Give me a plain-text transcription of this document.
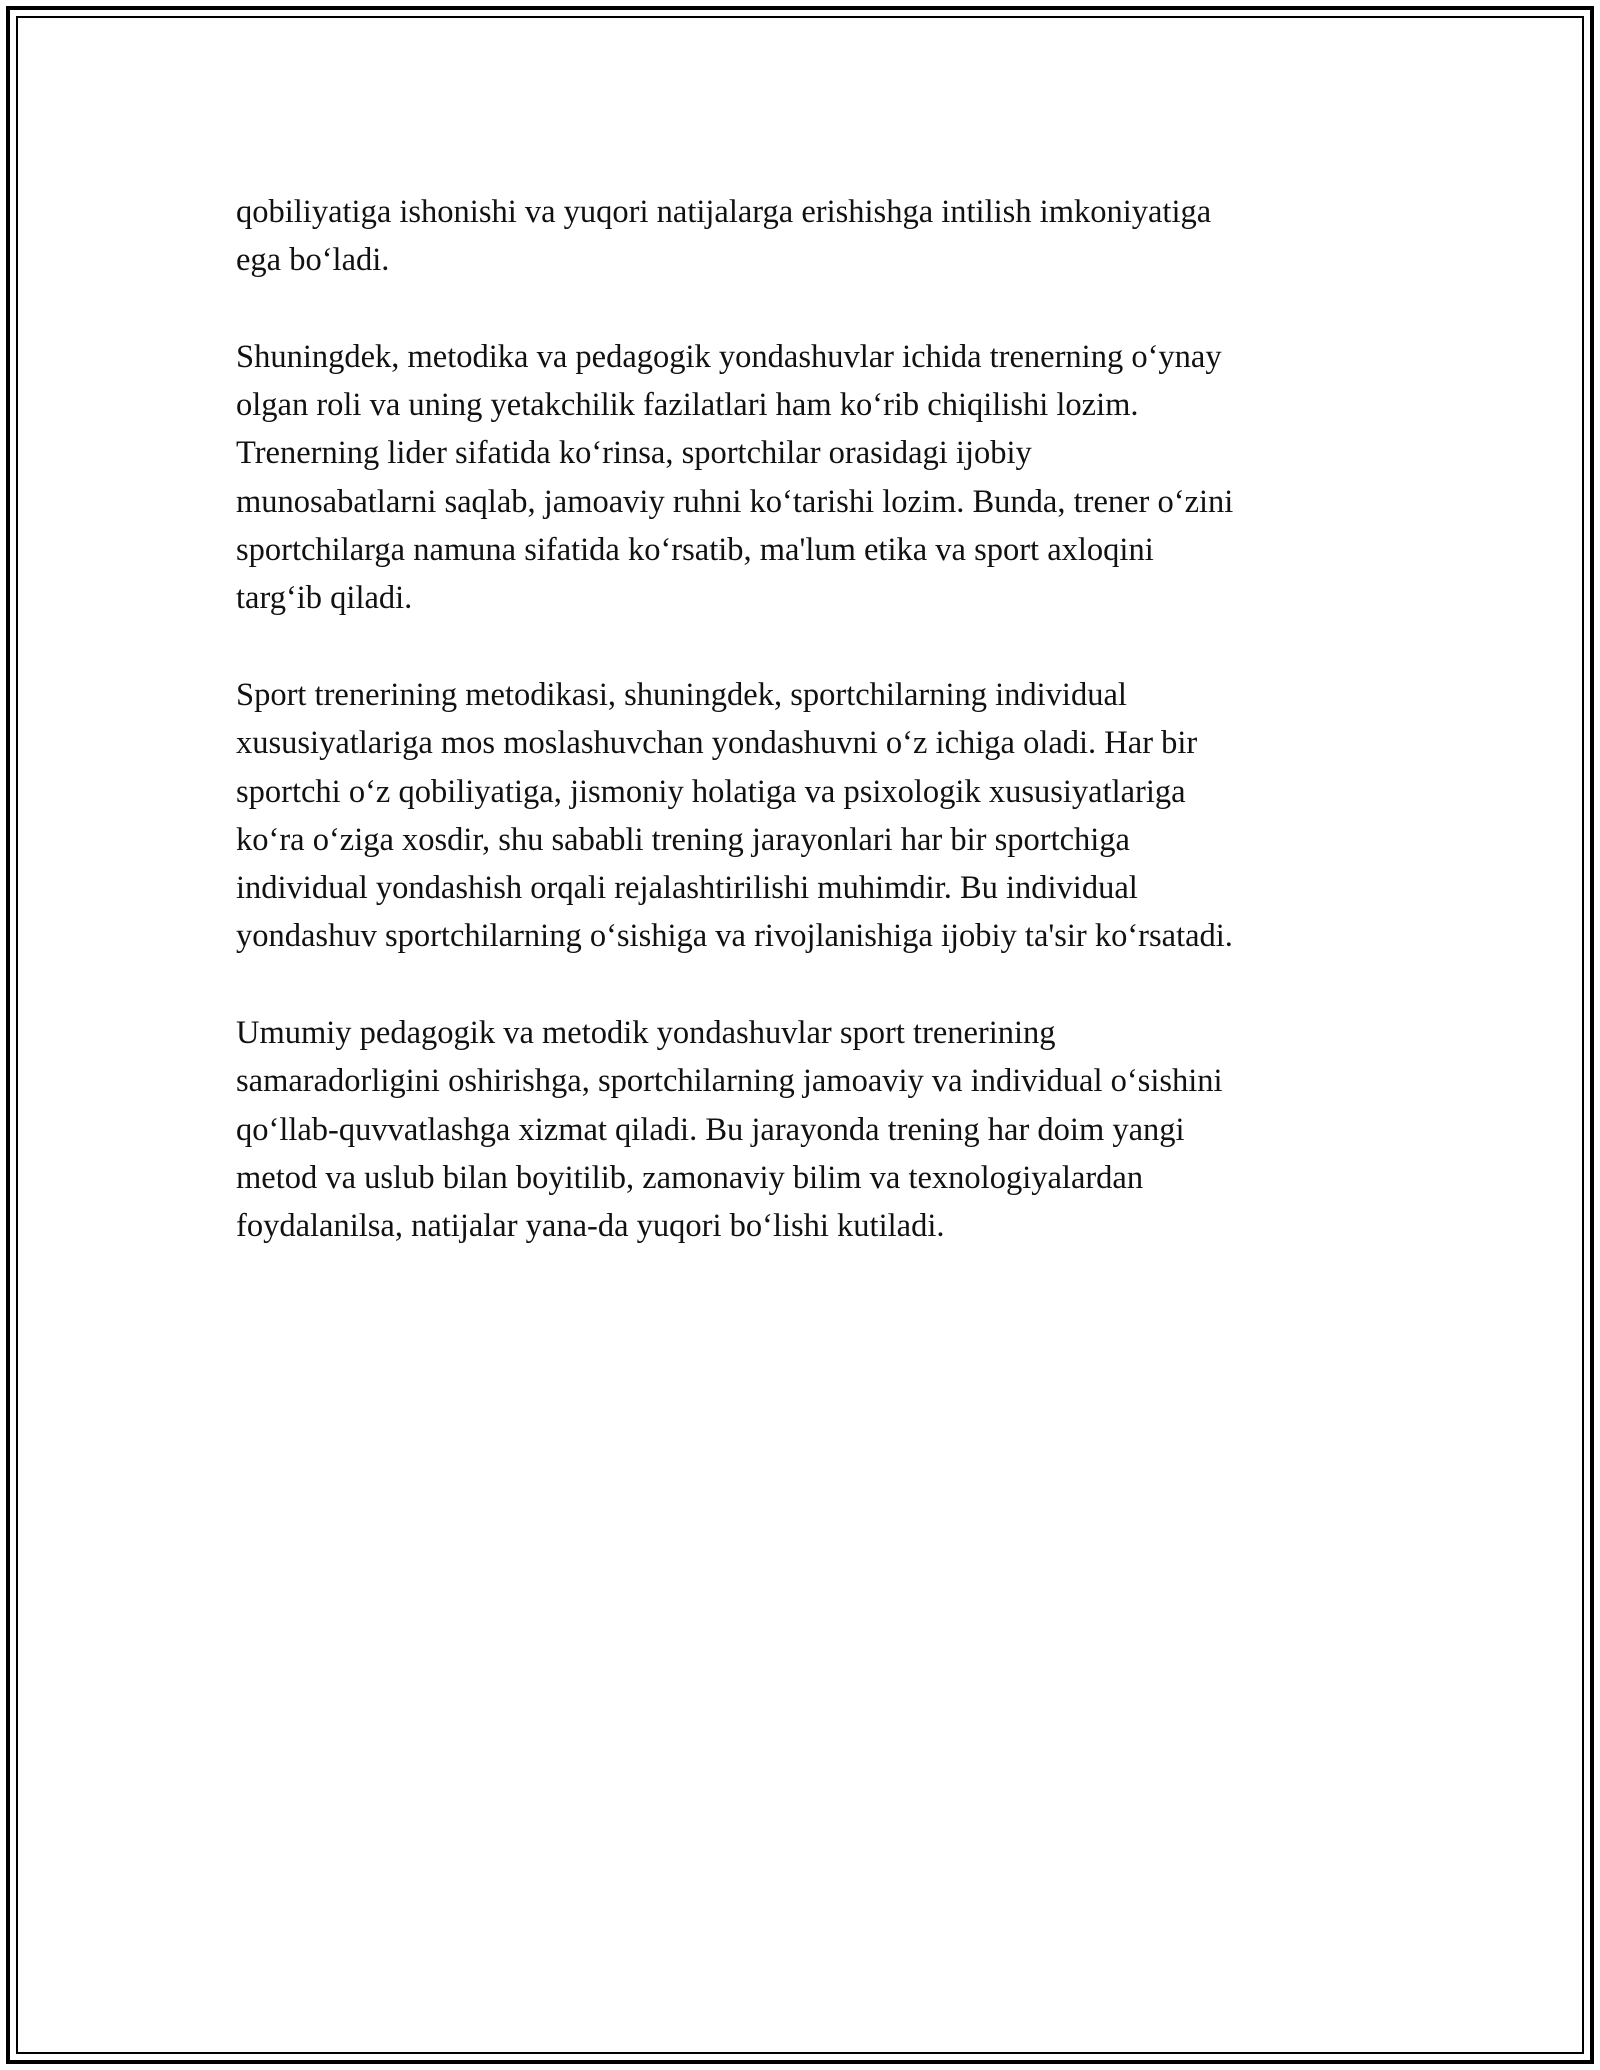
qobiliyatiga ishonishi va yuqori natijalarga erishishga intilish imkoniyatiga
ega bo‘ladi.

Shuningdek, metodika va pedagogik yondashuvlar ichida trenerning o‘ynay
olgan roli va uning yetakchilik fazilatlari ham ko‘rib chiqilishi lozim.
Trenerning lider sifatida ko‘rinsa, sportchilar orasidagi ijobiy
munosabatlarni saqlab, jamoaviy ruhni ko‘tarishi lozim. Bunda, trener o‘zini
sportchilarga namuna sifatida ko‘rsatib, ma'lum etika va sport axloqini
targ‘ib qiladi.

Sport trenerining metodikasi, shuningdek, sportchilarning individual
xususiyatlariga mos moslashuvchan yondashuvni o‘z ichiga oladi. Har bir
sportchi o‘z qobiliyatiga, jismoniy holatiga va psixologik xususiyatlariga
ko‘ra o‘ziga xosdir, shu sababli trening jarayonlari har bir sportchiga
individual yondashish orqali rejalashtirilishi muhimdir. Bu individual
yondashuv sportchilarning o‘sishiga va rivojlanishiga ijobiy ta'sir ko‘rsatadi.

Umumiy pedagogik va metodik yondashuvlar sport trenerining
samaradorligini oshirishga, sportchilarning jamoaviy va individual o‘sishini
qo‘llab-quvvatlashga xizmat qiladi. Bu jarayonda trening har doim yangi
metod va uslub bilan boyitilib, zamonaviy bilim va texnologiyalardan
foydalanilsa, natijalar yana-da yuqori bo‘lishi kutiladi.
